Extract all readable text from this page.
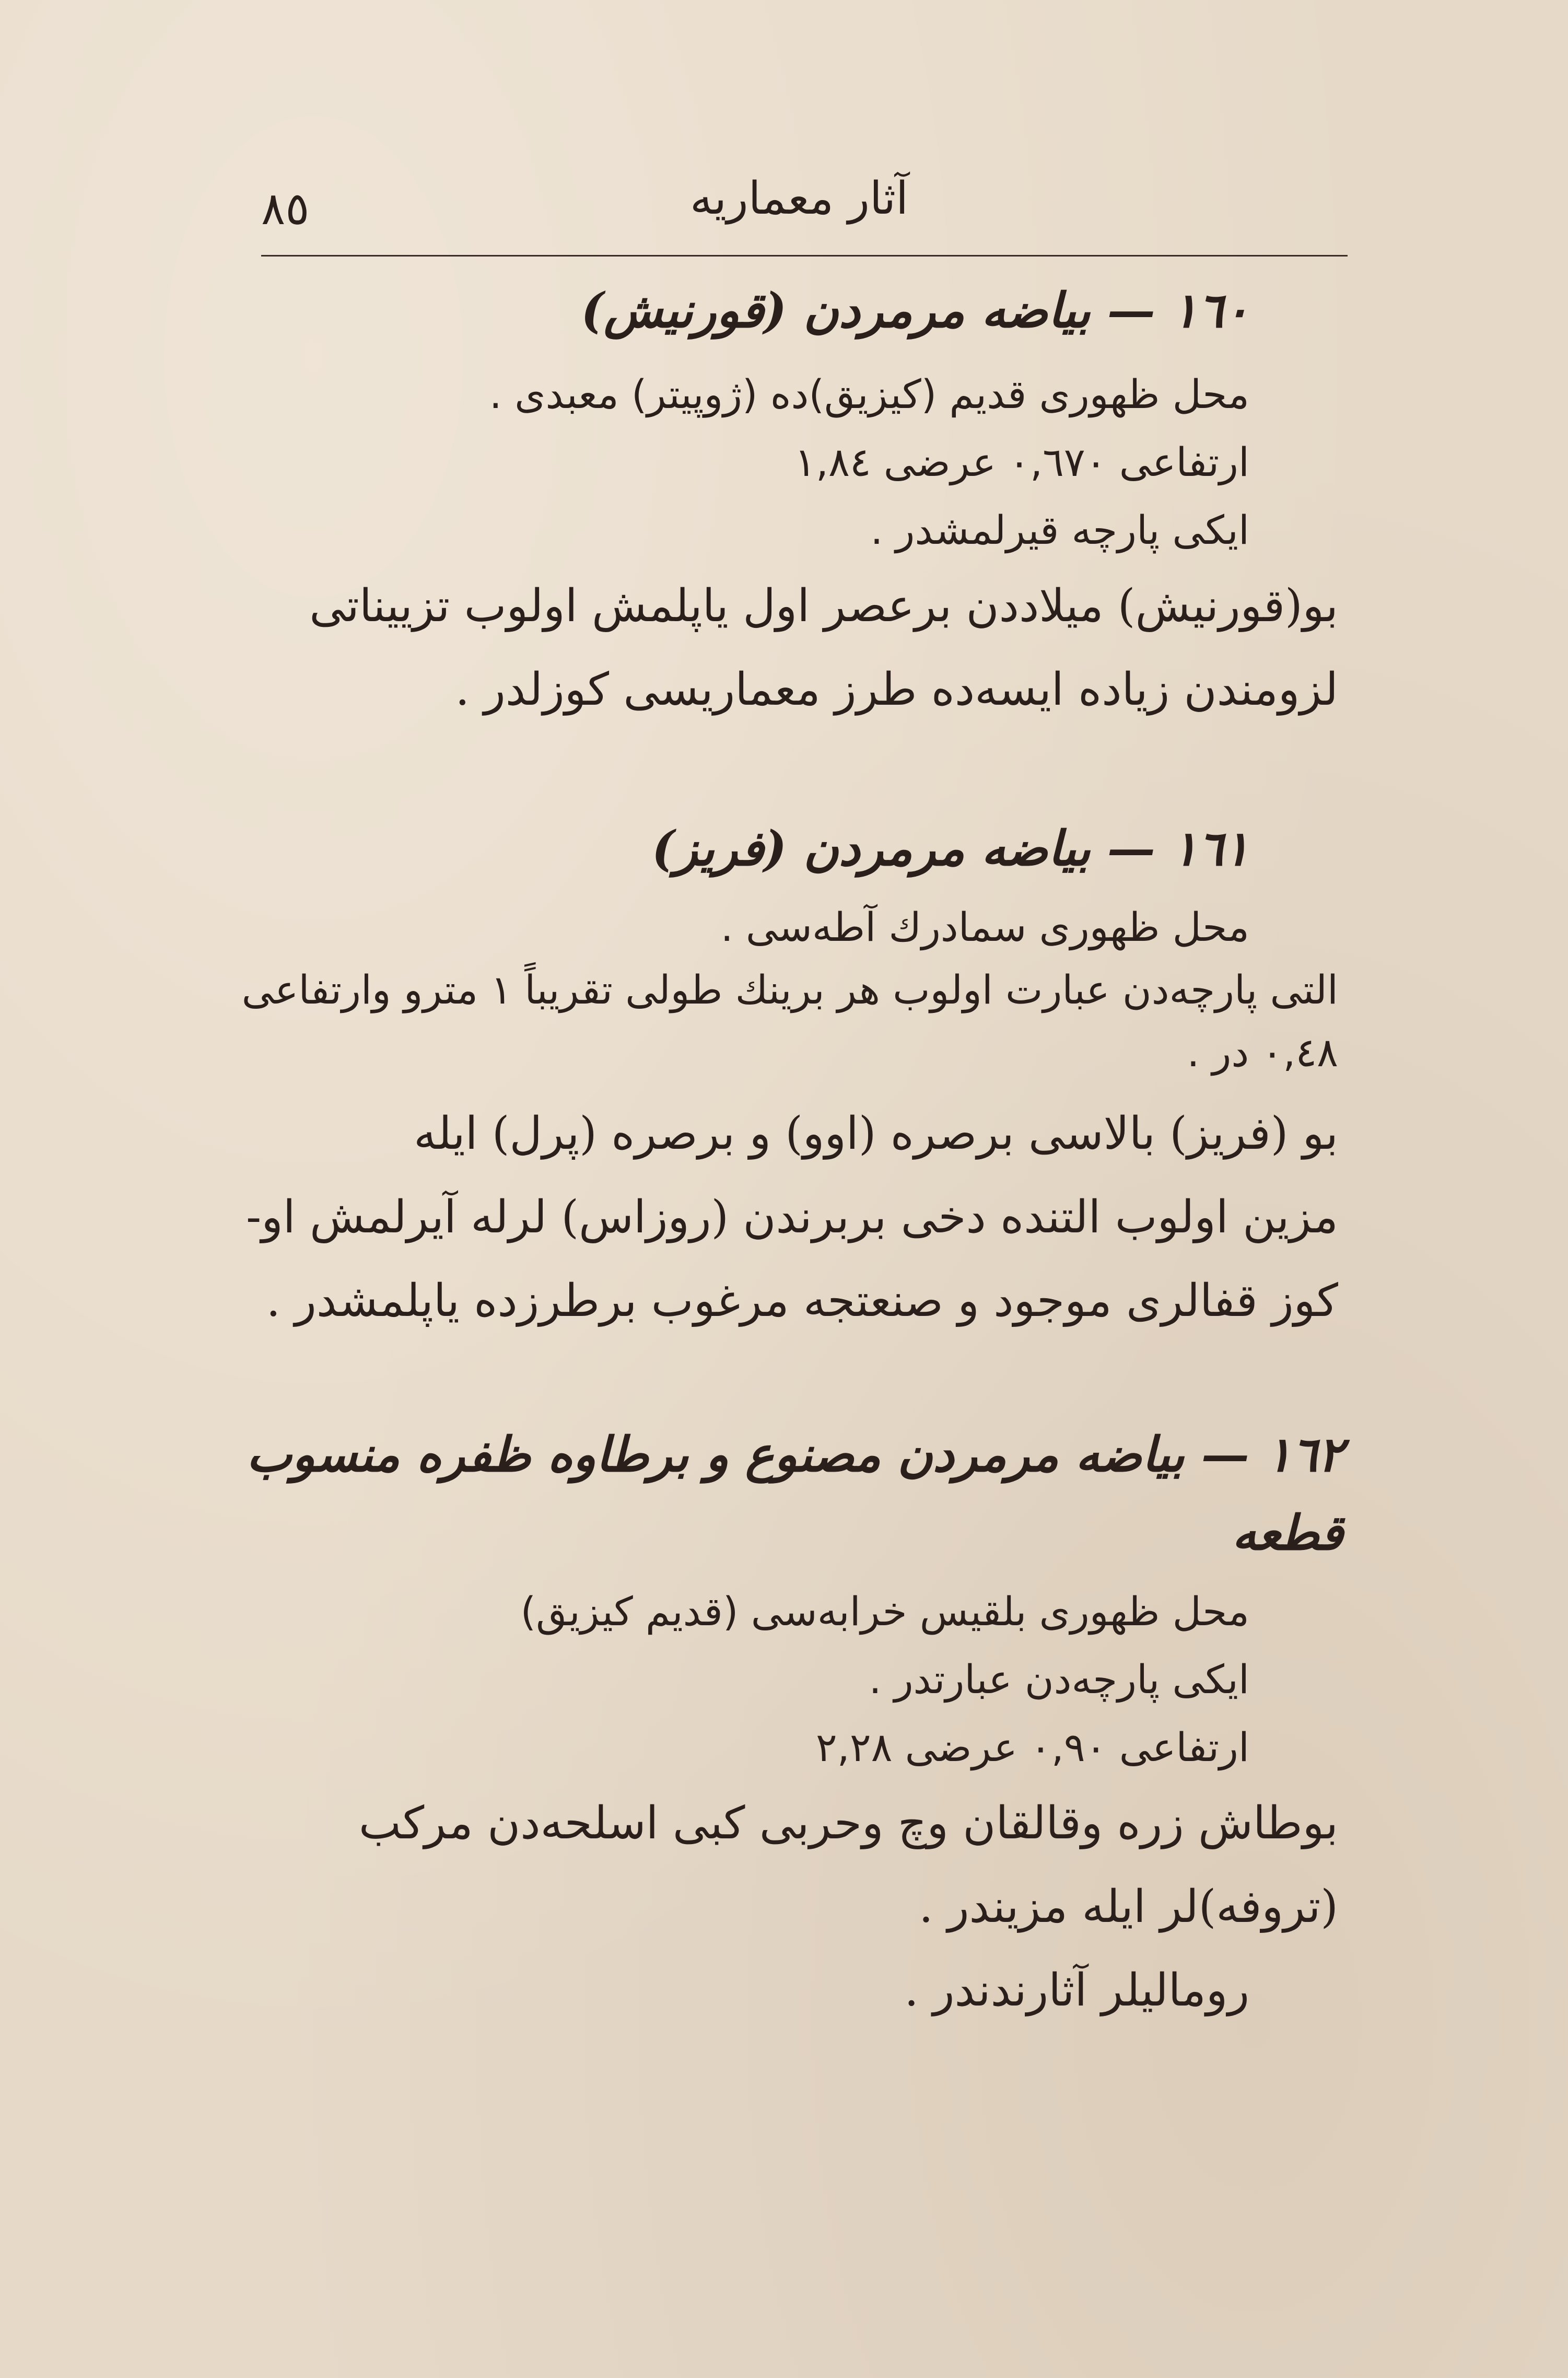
٨٥	آثار معماريه
١٦٠ — بياضه مرمردن (قورنيش)
محل ظهوری قديم (كيزيق)ده (ژوپيتر) معبدی .
ارتفاعی ٠,٦٧٠ عرضی ١,٨٤
ايكی پارچه قيرلمشدر .
بو(قورنيش) ميلاددن برعصر اول ياپلمش اولوب تزييناتی
لزومندن زياده ايسه‌ده طرز معماريسی كوزلدر .
١٦١ — بياضه مرمردن (فريز)
محل ظهوری سمادرك آطه‌سی .
التی پارچه‌دن عبارت اولوب هر برينك طولی تقريباً ١ مترو وارتفاعی
٠,٤٨ در .
بو (فريز) بالاسی برصره (اوو) و برصره (پرل) ايله
مزين اولوب التنده دخی بربرندن (روزاس) لرله آيرلمش او-
كوز قفالری موجود و صنعتجه مرغوب برطرزده ياپلمشدر .
١٦٢ — بياضه مرمردن مصنوع و برطاوه ظفره منسوب
قطعه
محل ظهوری بلقيس خرابه‌سی (قديم كيزيق)
ايكی پارچه‌دن عبارتدر .
ارتفاعی ٠,٩٠ عرضی ٢,٢٨
بوطاش زره وقالقان وچ وحربی كبی اسلحه‌دن مركب
(تروفه)لر ايله مزيندر .
روماليلر آثارندندر .
